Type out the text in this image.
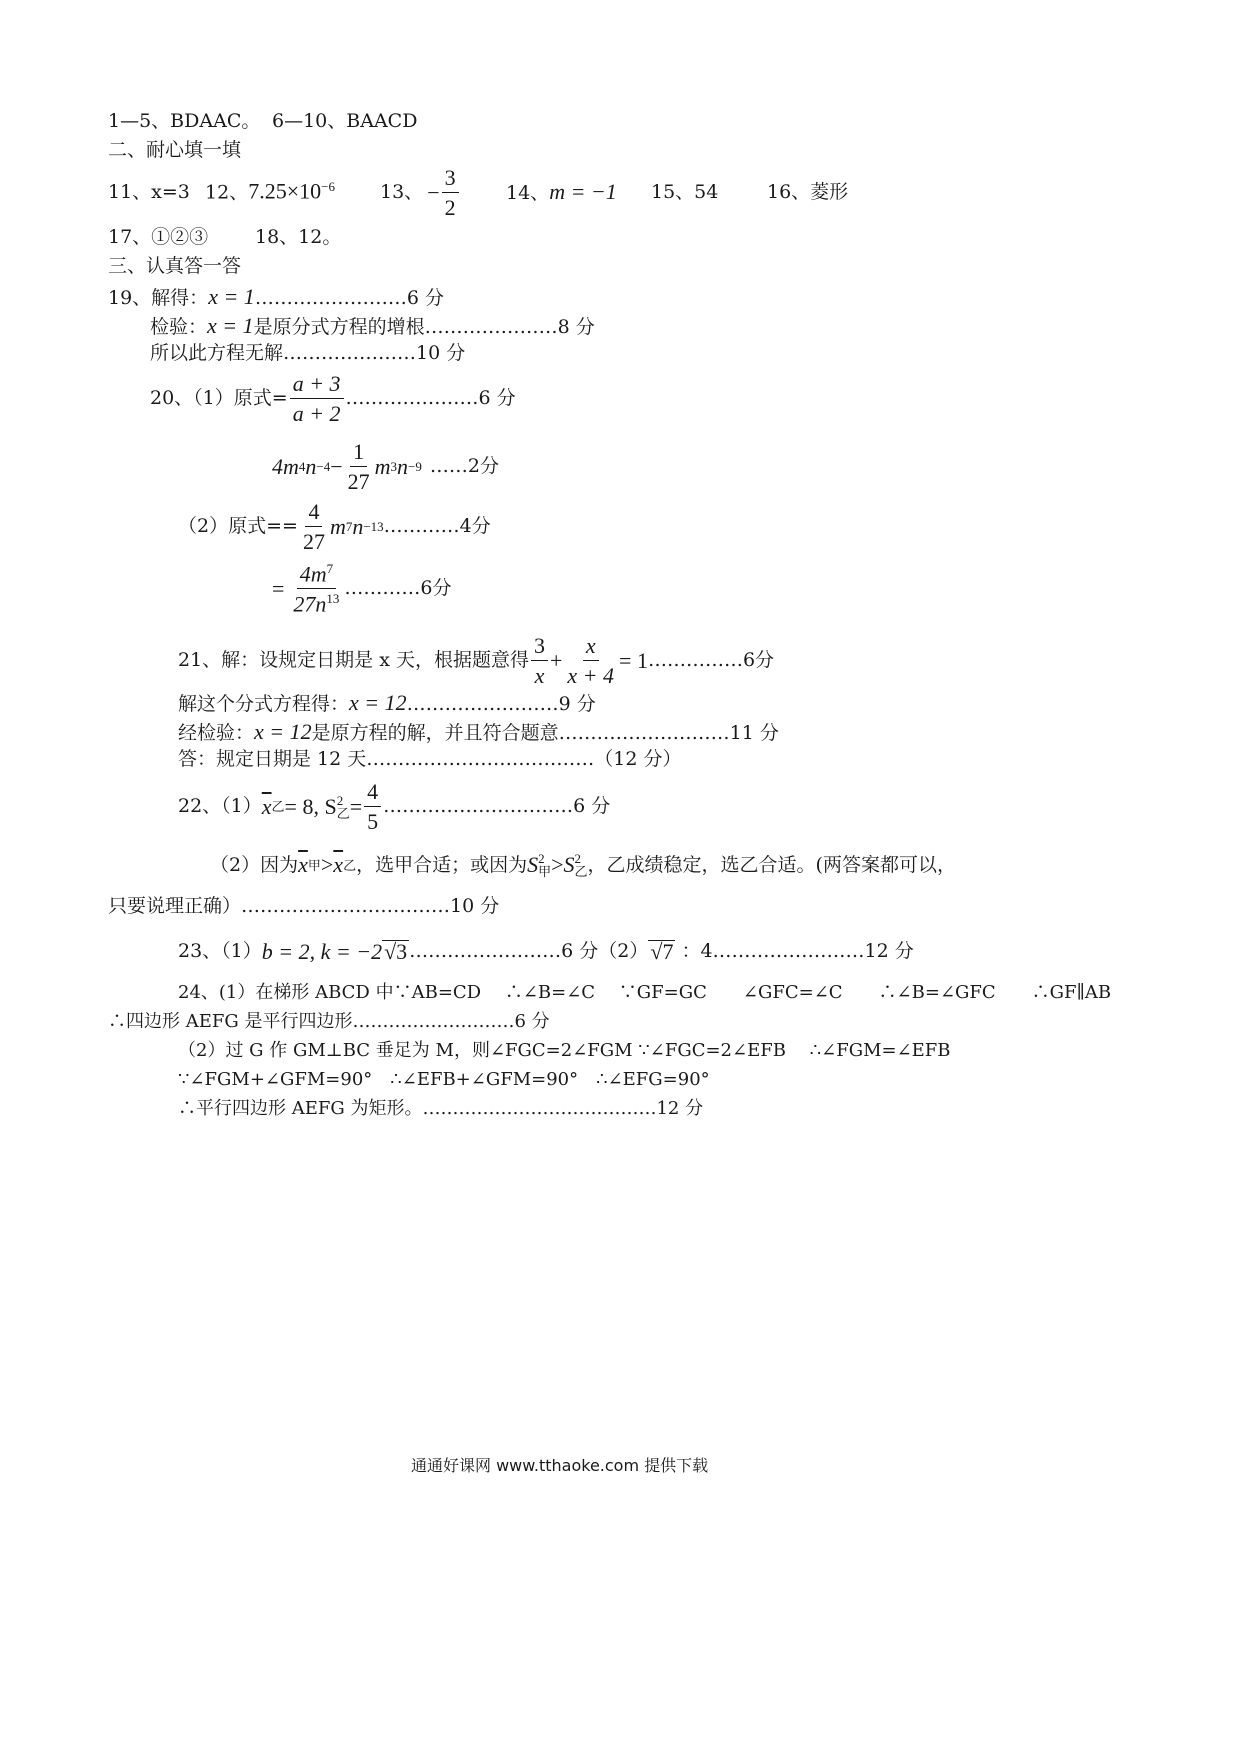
1—5、BDAAC。 6—10、BAACD
二、耐心填一填
11、x=3 12、$7.25\times 10^{-6}$ 13、 − $\frac{3}{2} 14$、m = −1 15、54	16、菱形
17、①②③ 18、12。
三、认真答一答
19、解得：x = 1……………………6 分
检验：x = 1是原分式方程的增根…………………8 分
所以此方程无解…………………10 分
20、（1）原式= $\frac{a + 3}{a + 2}$ …………………6 分
4m 4 $n -4 - \frac{1}{27}$ m 3 n −9 ……2分
（2）原式== $\frac{4}{27}$ m 7 n −13 …………4分
= $\frac{4m^7}{27n^{13}}$ …………6分
21、解：设规定日期是 x 天，根据题意得 $\frac{3}{x} + \frac{x}{x + 4} = 1$ ……………6分
解这个分式方程得：x = 12……………………9 分
经检验：x = 12是原方程的解，并且符合题意………………………11 分
答：规定日期是 12 天………………………………（12 分）
22、（1） $\overline{x}$ 乙 = 8, S 2
乙 = $\frac{4}{5}$ …………………………6 分
（2）因为 $\overline{x}$ 甲 > $\overline{x}$ 乙 ，选甲合适；或因为 S 2
甲 > S 2
乙 ，乙成绩稳定，选乙合适。(两答案都可以，
只要说理正确）……………………………10 分
23、（1） b = 2, k = −2 √3 ……………………6 分（2） √7 ：4……………………12 分
24、(1）在梯形 ABCD 中∵AB=CD　 ∴∠B=∠C　 ∵GF=GC　　∠GFC=∠C　　∴∠B=∠GFC　　∴GF∥AB
∴四边形 AEFG 是平行四边形………………………6 分
（2）过 G 作 GM⊥BC 垂足为 M，则∠FGC=2∠FGM ∵∠FGC=2∠EFB　 ∴∠FGM=∠EFB
∵∠FGM+∠GFM=90°　∴∠EFB+∠GFM=90°　∴∠EFG=90°
∴平行四边形 AEFG 为矩形。…………………………………12 分
通通好课网 www.tthaoke.com 提供下载
